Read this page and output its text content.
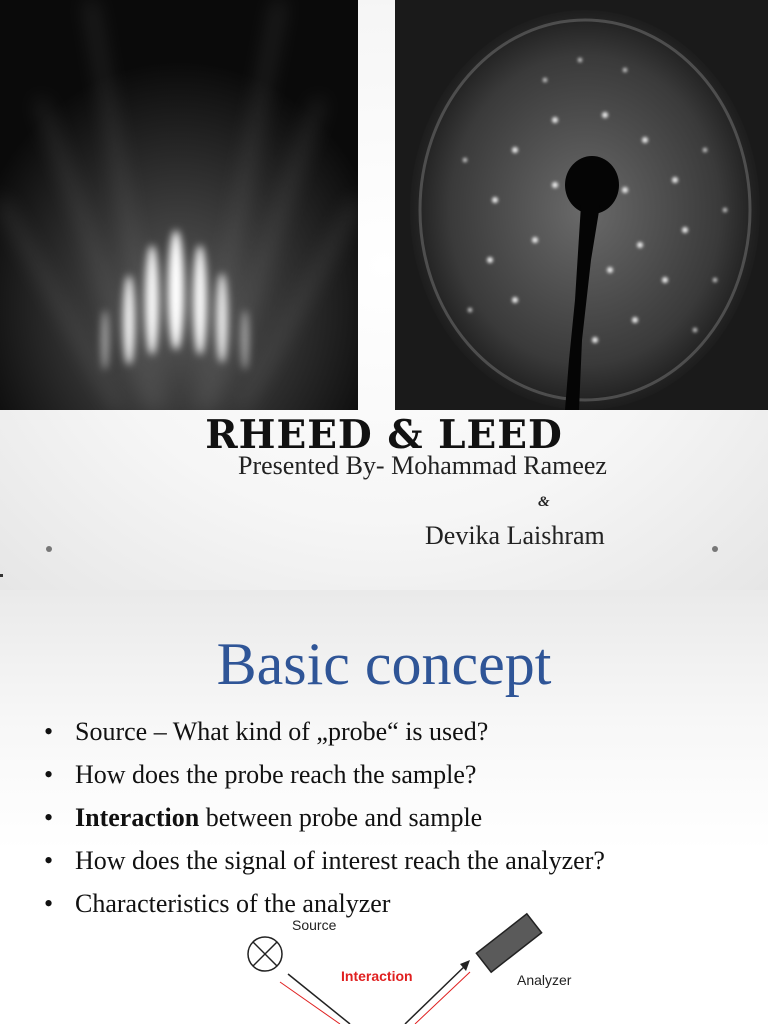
RHEED & LEED
Presented By- Mohammad Rameez
&
Devika Laishram
Basic concept
• Source – What kind of „probe“ is used?
• How does the probe reach the sample?
• Interaction between probe and sample
• How does the signal of interest reach the analyzer?
• Characteristics of the analyzer
Source
Interaction	Analyzer
